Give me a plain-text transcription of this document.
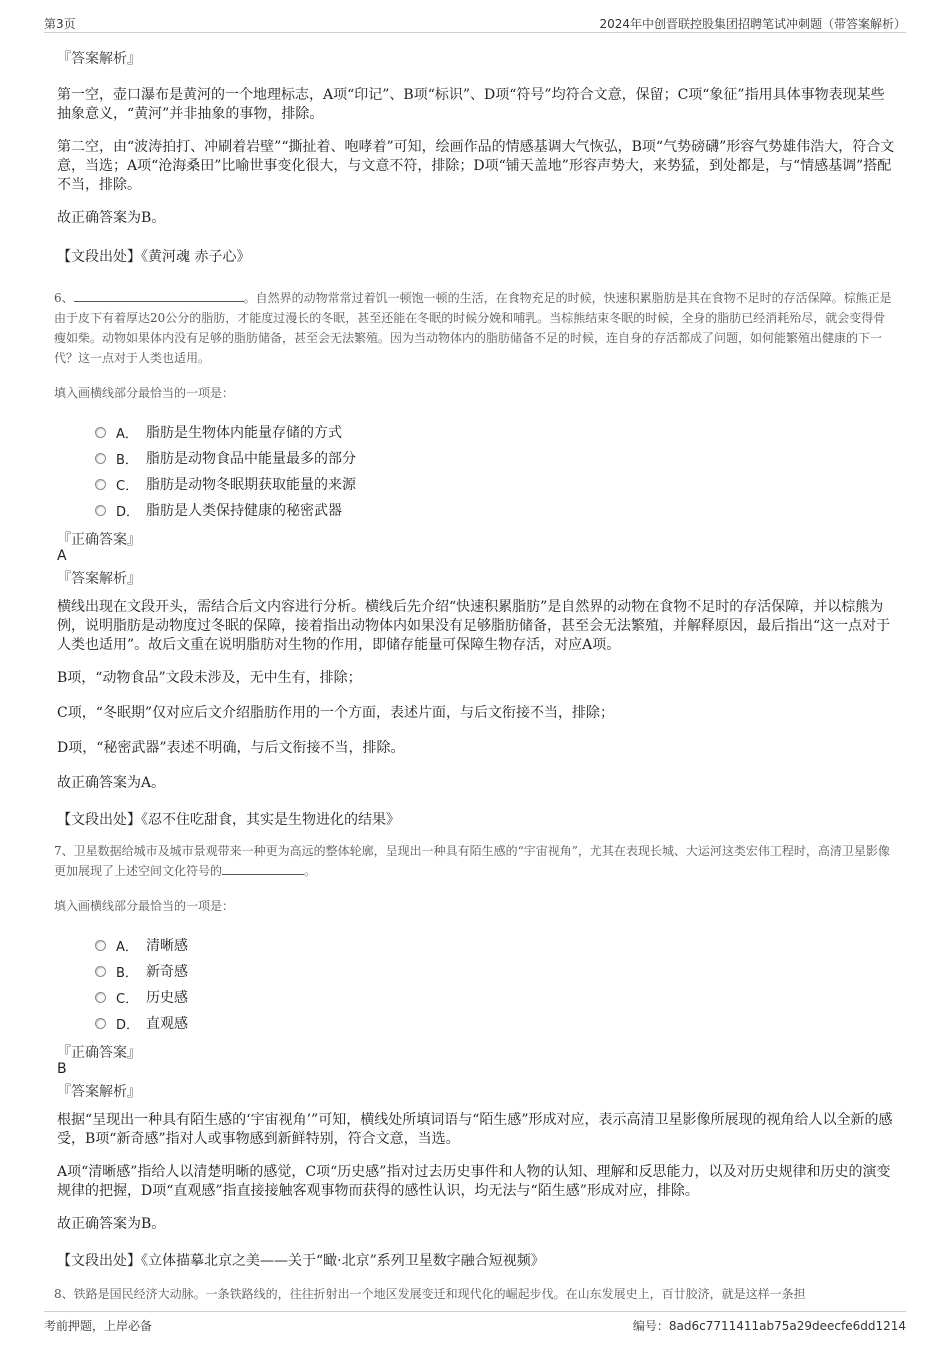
第3页	2024年中创晋联控股集团招聘笔试冲刺题（带答案解析）
『答案解析』

第一空，壶口瀑布是黄河的一个地理标志，A项“印记”、B项“标识”、D项“符号”均符合文意，保留；C项“象征”指用具体事物表现某些抽象意义，“黄河”并非抽象的事物，排除。

第二空，由“波涛拍打、冲刷着岩壁”“撕扯着、咆哮着”可知，绘画作品的情感基调大气恢弘，B项“气势磅礴”形容气势雄伟浩大，符合文意，当选；A项“沧海桑田”比喻世事变化很大，与文意不符，排除；D项“铺天盖地”形容声势大，来势猛，到处都是，与“情感基调”搭配不当，排除。

故正确答案为B。

【文段出处】《黄河魂 赤子心》
6、	。自然界的动物常常过着饥一顿饱一顿的生活，在食物充足的时候，快速积累脂肪是其在食物不足时的存活保障。棕熊正是由于皮下有着厚达20公分的脂肪，才能度过漫长的冬眠，甚至还能在冬眠的时候分娩和哺乳。当棕熊结束冬眠的时候，全身的脂肪已经消耗殆尽，就会变得骨瘦如柴。动物如果体内没有足够的脂肪储备，甚至会无法繁殖。因为当动物体内的脂肪储备不足的时候，连自身的存活都成了问题，如何能繁殖出健康的下一代？这一点对于人类也适用。
填入画横线部分最恰当的一项是：
A． 脂肪是生物体内能量存储的方式
B． 脂肪是动物食品中能量最多的部分
C． 脂肪是动物冬眠期获取能量的来源
D． 脂肪是人类保持健康的秘密武器
『正确答案』
A
『答案解析』

横线出现在文段开头，需结合后文内容进行分析。横线后先介绍“快速积累脂肪”是自然界的动物在食物不足时的存活保障，并以棕熊为例，说明脂肪是动物度过冬眠的保障，接着指出动物体内如果没有足够脂肪储备，甚至会无法繁殖，并解释原因，最后指出“这一点对于人类也适用”。故后文重在说明脂肪对生物的作用，即储存能量可保障生物存活，对应A项。

B项，“动物食品”文段未涉及，无中生有，排除；

C项，“冬眠期”仅对应后文介绍脂肪作用的一个方面，表述片面，与后文衔接不当，排除；

D项，“秘密武器”表述不明确，与后文衔接不当，排除。

故正确答案为A。

【文段出处】《忍不住吃甜食，其实是生物进化的结果》
7、卫星数据给城市及城市景观带来一种更为高远的整体轮廓，呈现出一种具有陌生感的“宇宙视角”，尤其在表现长城、大运河这类宏伟工程时，高清卫星影像更加展现了上述空间文化符号的	。
填入画横线部分最恰当的一项是：
A． 清晰感
B． 新奇感
C． 历史感
D． 直观感
『正确答案』
B
『答案解析』

根据“呈现出一种具有陌生感的‘宇宙视角’”可知，横线处所填词语与“陌生感”形成对应，表示高清卫星影像所展现的视角给人以全新的感受，B项“新奇感”指对人或事物感到新鲜特别，符合文意，当选。

A项“清晰感”指给人以清楚明晰的感觉，C项“历史感”指对过去历史事件和人物的认知、理解和反思能力，以及对历史规律和历史的演变规律的把握，D项“直观感”指直接接触客观事物而获得的感性认识，均无法与“陌生感”形成对应，排除。

故正确答案为B。

【文段出处】《立体描摹北京之美——关于“瞰·北京”系列卫星数字融合短视频》
8、铁路是国民经济大动脉。一条铁路线的，往往折射出一个地区发展变迁和现代化的崛起步伐。在山东发展史上，百廿胶济，就是这样一条担
考前押题，上岸必备	编号：8ad6c7711411ab75a29deecfe6dd1214
